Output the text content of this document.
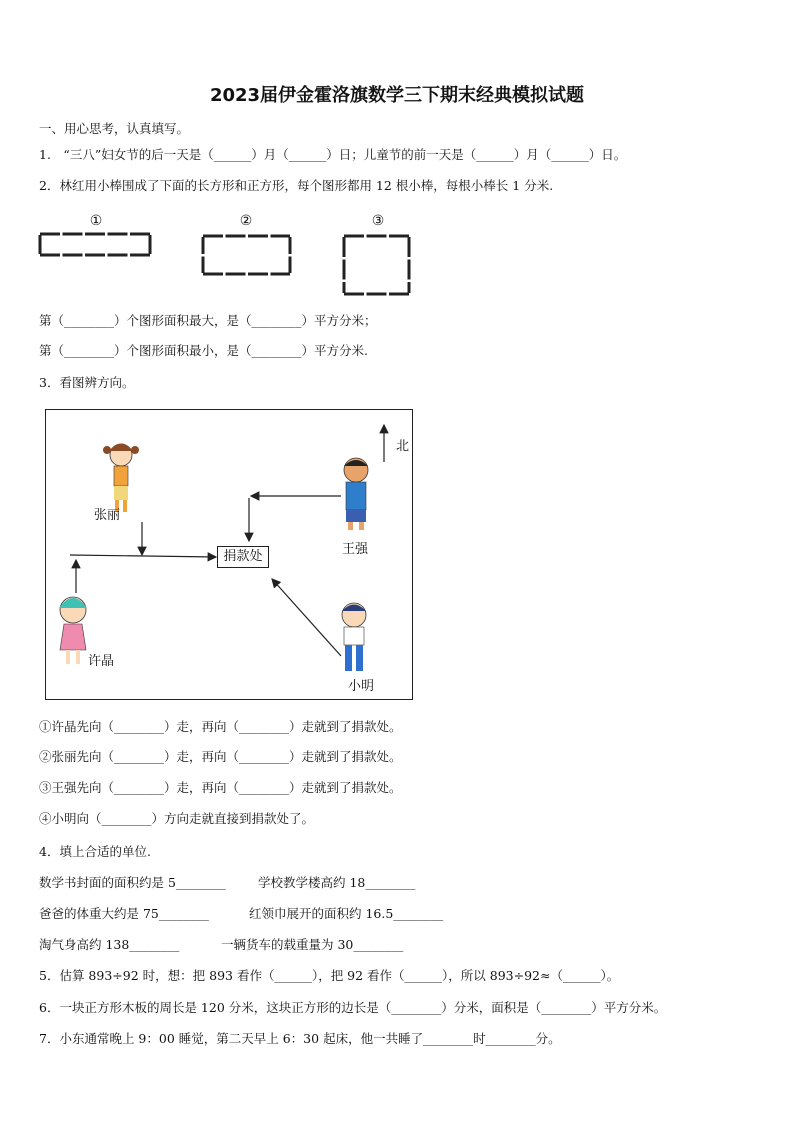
2023届伊金霍洛旗数学三下期末经典模拟试题
一、用心思考，认真填写。
1.　“三八”妇女节的后一天是（______）月（______）日；儿童节的前一天是（______）月（______）日。
2．林红用小棒围成了下面的长方形和正方形，每个图形都用 12 根小棒，每根小棒长 1 分米.
①	②	③
第（________）个图形面积最大，是（________）平方分米；
第（________）个图形面积最小，是（________）平方分米.
3．看图辨方向。
北
张丽
王强
许晶
小明
捐款处
①许晶先向（________）走，再向（________）走就到了捐款处。
②张丽先向（________）走，再向（________）走就到了捐款处。
③王强先向（________）走，再向（________）走就到了捐款处。
④小明向（________）方向走就直接到捐款处了。
4．填上合适的单位.
数学书封面的面积约是 5________	学校教学楼高约 18________
爸爸的体重大约是 75________	红领巾展开的面积约 16.5________
淘气身高约 138________	一辆货车的载重量为 30________
5．估算 893÷92 时，想：把 893 看作（______），把 92 看作（______），所以 893÷92≈（______）。
6．一块正方形木板的周长是 120 分米，这块正方形的边长是（________）分米，面积是（________）平方分米。
7．小东通常晚上 9：00 睡觉，第二天早上 6：30 起床，他一共睡了________时________分。
